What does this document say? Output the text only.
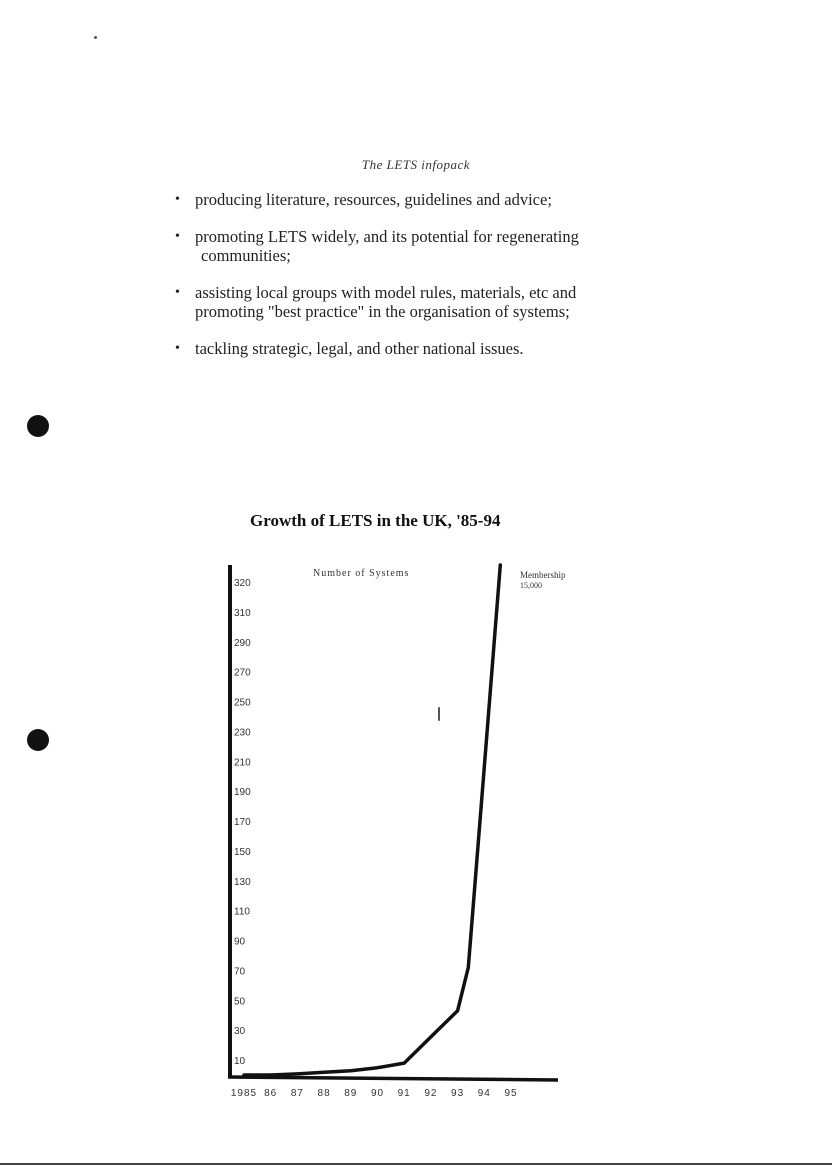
The LETS infopack
• producing literature, resources, guidelines and advice;
• promoting LETS widely, and its potential for regenerating
communities;
• assisting local groups with model rules, materials, etc and
promoting "best practice" in the organisation of systems;
• tackling strategic, legal, and other national issues.
Growth of LETS in the UK, '85-94
10
30
50
70
90
110
130
150
170
190
210
230
250
270
290
310
320
1985 86 87 88 89 90 91 92 93 94 95
Number of Systems	Membership
15,000
